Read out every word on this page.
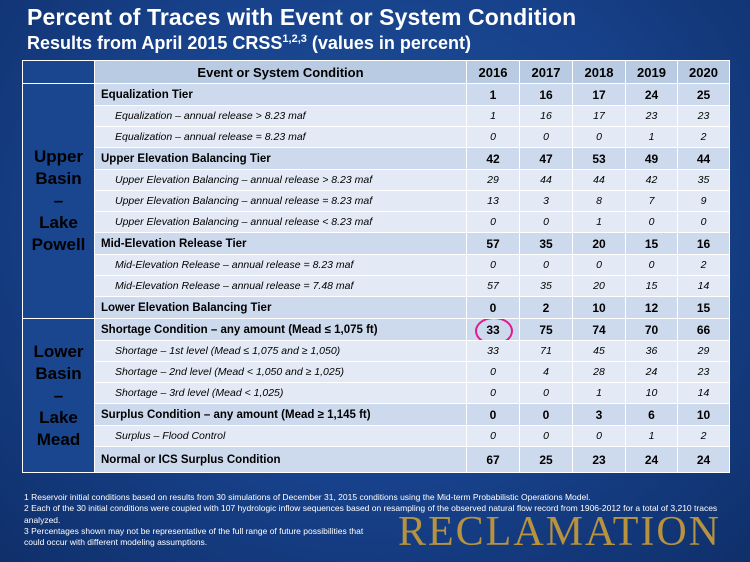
Percent of Traces with Event or System Condition
Results from April 2015 CRSS$^{1,2,3}$ (values in percent)
	Event or System Condition	2016	2017	2018	2019	2020
Upper
Basin
–
Lake
Powell	Equalization Tier	1	16	17	24	25
	Equalization – annual release > 8.23 maf	1	16	17	23	23
	Equalization – annual release = 8.23 maf	0	0	0	1	2
	Upper Elevation Balancing Tier	42	47	53	49	44
	Upper Elevation Balancing – annual release > 8.23 maf	29	44	44	42	35
	Upper Elevation Balancing – annual release = 8.23 maf	13	3	8	7	9
	Upper Elevation Balancing – annual release < 8.23 maf	0	0	1	0	0
	Mid-Elevation Release Tier	57	35	20	15	16
	Mid-Elevation Release – annual release = 8.23 maf	0	0	0	0	2
	Mid-Elevation Release – annual release = 7.48 maf	57	35	20	15	14
	Lower Elevation Balancing Tier	0	2	10	12	15
Lower
Basin
–
Lake
Mead	Shortage Condition – any amount (Mead ≤ 1,075 ft)	33	75	74	70	66
	Shortage – 1st level (Mead ≤ 1,075 and ≥ 1,050)	33	71	45	36	29
	Shortage – 2nd level (Mead < 1,050 and ≥ 1,025)	0	4	28	24	23
	Shortage – 3rd level (Mead < 1,025)	0	0	1	10	14
	Surplus Condition – any amount (Mead ≥ 1,145 ft)	0	0	3	6	10
	Surplus – Flood Control	0	0	0	1	2
	Normal or ICS Surplus Condition	67	25	23	24	24
1 Reservoir initial conditions based on results from 30 simulations of December 31, 2015 conditions using the Mid-term Probabilistic Operations Model.
2 Each of the 30 initial conditions were coupled with 107 hydrologic inflow sequences based on resampling of the observed natural flow record from 1906-2012 for a total of 3,210 traces analyzed.
3 Percentages shown may not be representative of the full range of future possibilities that could occur with different modeling assumptions.	RECLAMATION
